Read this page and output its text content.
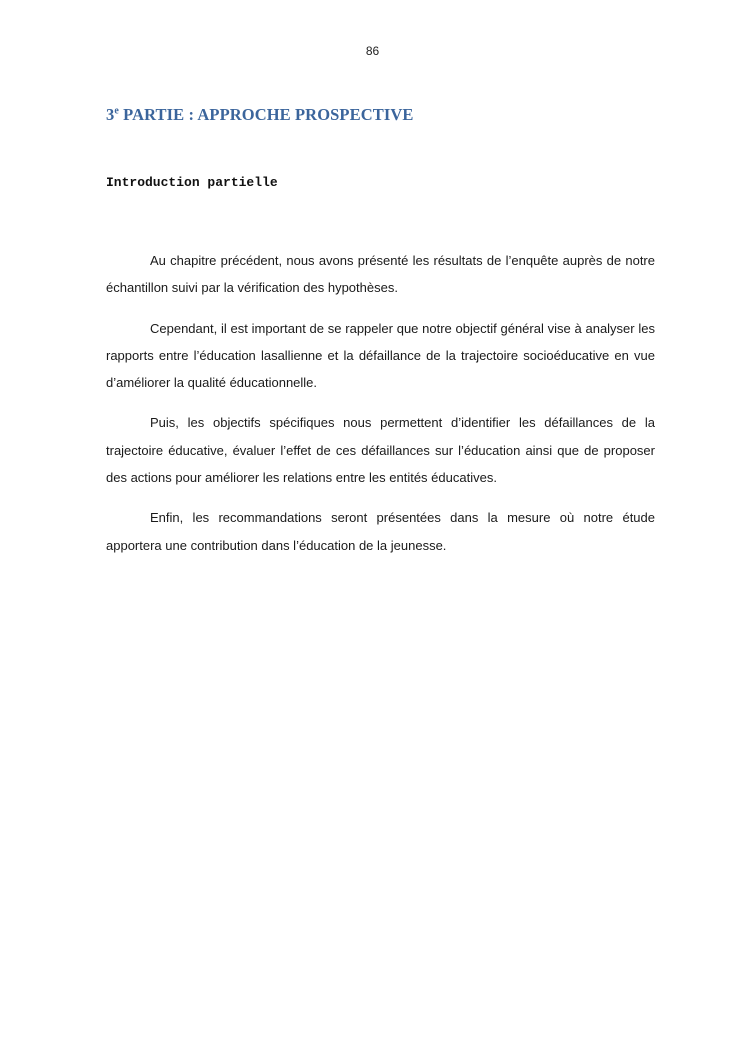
86
3e PARTIE : APPROCHE PROSPECTIVE
Introduction partielle

Au chapitre précédent, nous avons présenté les résultats de l’enquête auprès de notre échantillon suivi par la vérification des hypothèses.

Cependant, il est important de se rappeler que notre objectif général vise à analyser les rapports entre l’éducation lasallienne et la défaillance de la trajectoire socioéducative en vue d’améliorer la qualité éducationnelle.

Puis, les objectifs spécifiques nous permettent d’identifier les défaillances de la trajectoire éducative, évaluer l’effet de ces défaillances sur l’éducation ainsi que de proposer des actions pour améliorer les relations entre les entités éducatives.

Enfin, les recommandations seront présentées dans la mesure où notre étude apportera une contribution dans l’éducation de la jeunesse.
